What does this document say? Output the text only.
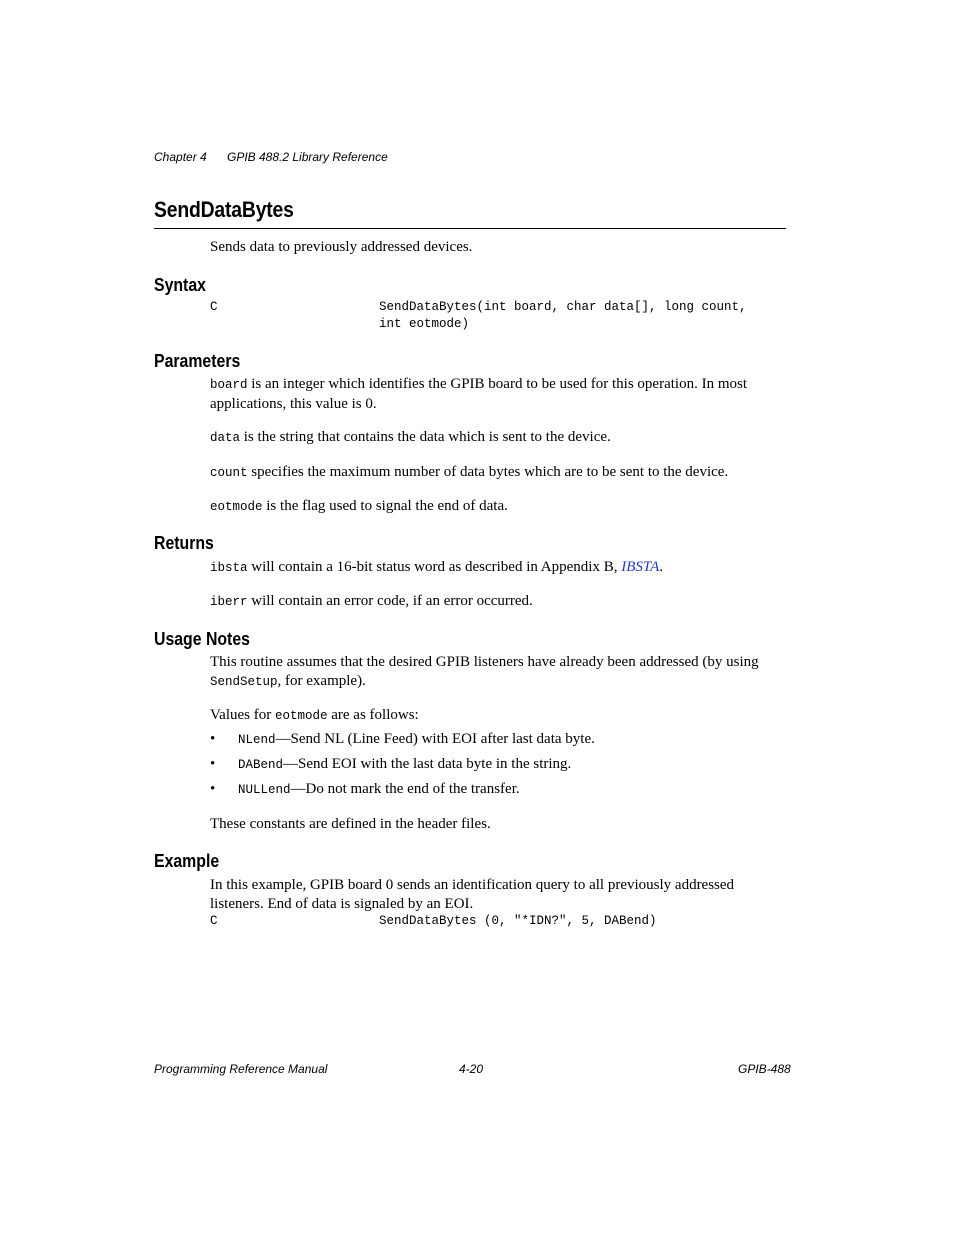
Chapter 4 GPIB 488.2 Library Reference
SendDataBytes
Sends data to previously addressed devices.
Syntax
C	SendDataBytes(int board, char data[], long count,
int eotmode)
Parameters
board is an integer which identifies the GPIB board to be used for this operation. In most applications, this value is 0.
data is the string that contains the data which is sent to the device.
count specifies the maximum number of data bytes which are to be sent to the device.
eotmode is the flag used to signal the end of data.
Returns
ibsta will contain a 16-bit status word as described in Appendix B, IBSTA.
iberr will contain an error code, if an error occurred.
Usage Notes
This routine assumes that the desired GPIB listeners have already been addressed (by using
SendSetup, for example).
Values for eotmode are as follows:
• NLend—Send NL (Line Feed) with EOI after last data byte.
• DABend—Send EOI with the last data byte in the string.
• NULLend—Do not mark the end of the transfer.
These constants are defined in the header files.
Example
In this example, GPIB board 0 sends an identification query to all previously addressed listeners. End of data is signaled by an EOI.
C	SendDataBytes (0, "*IDN?", 5, DABend)
Programming Reference Manual	4-20	GPIB-488
